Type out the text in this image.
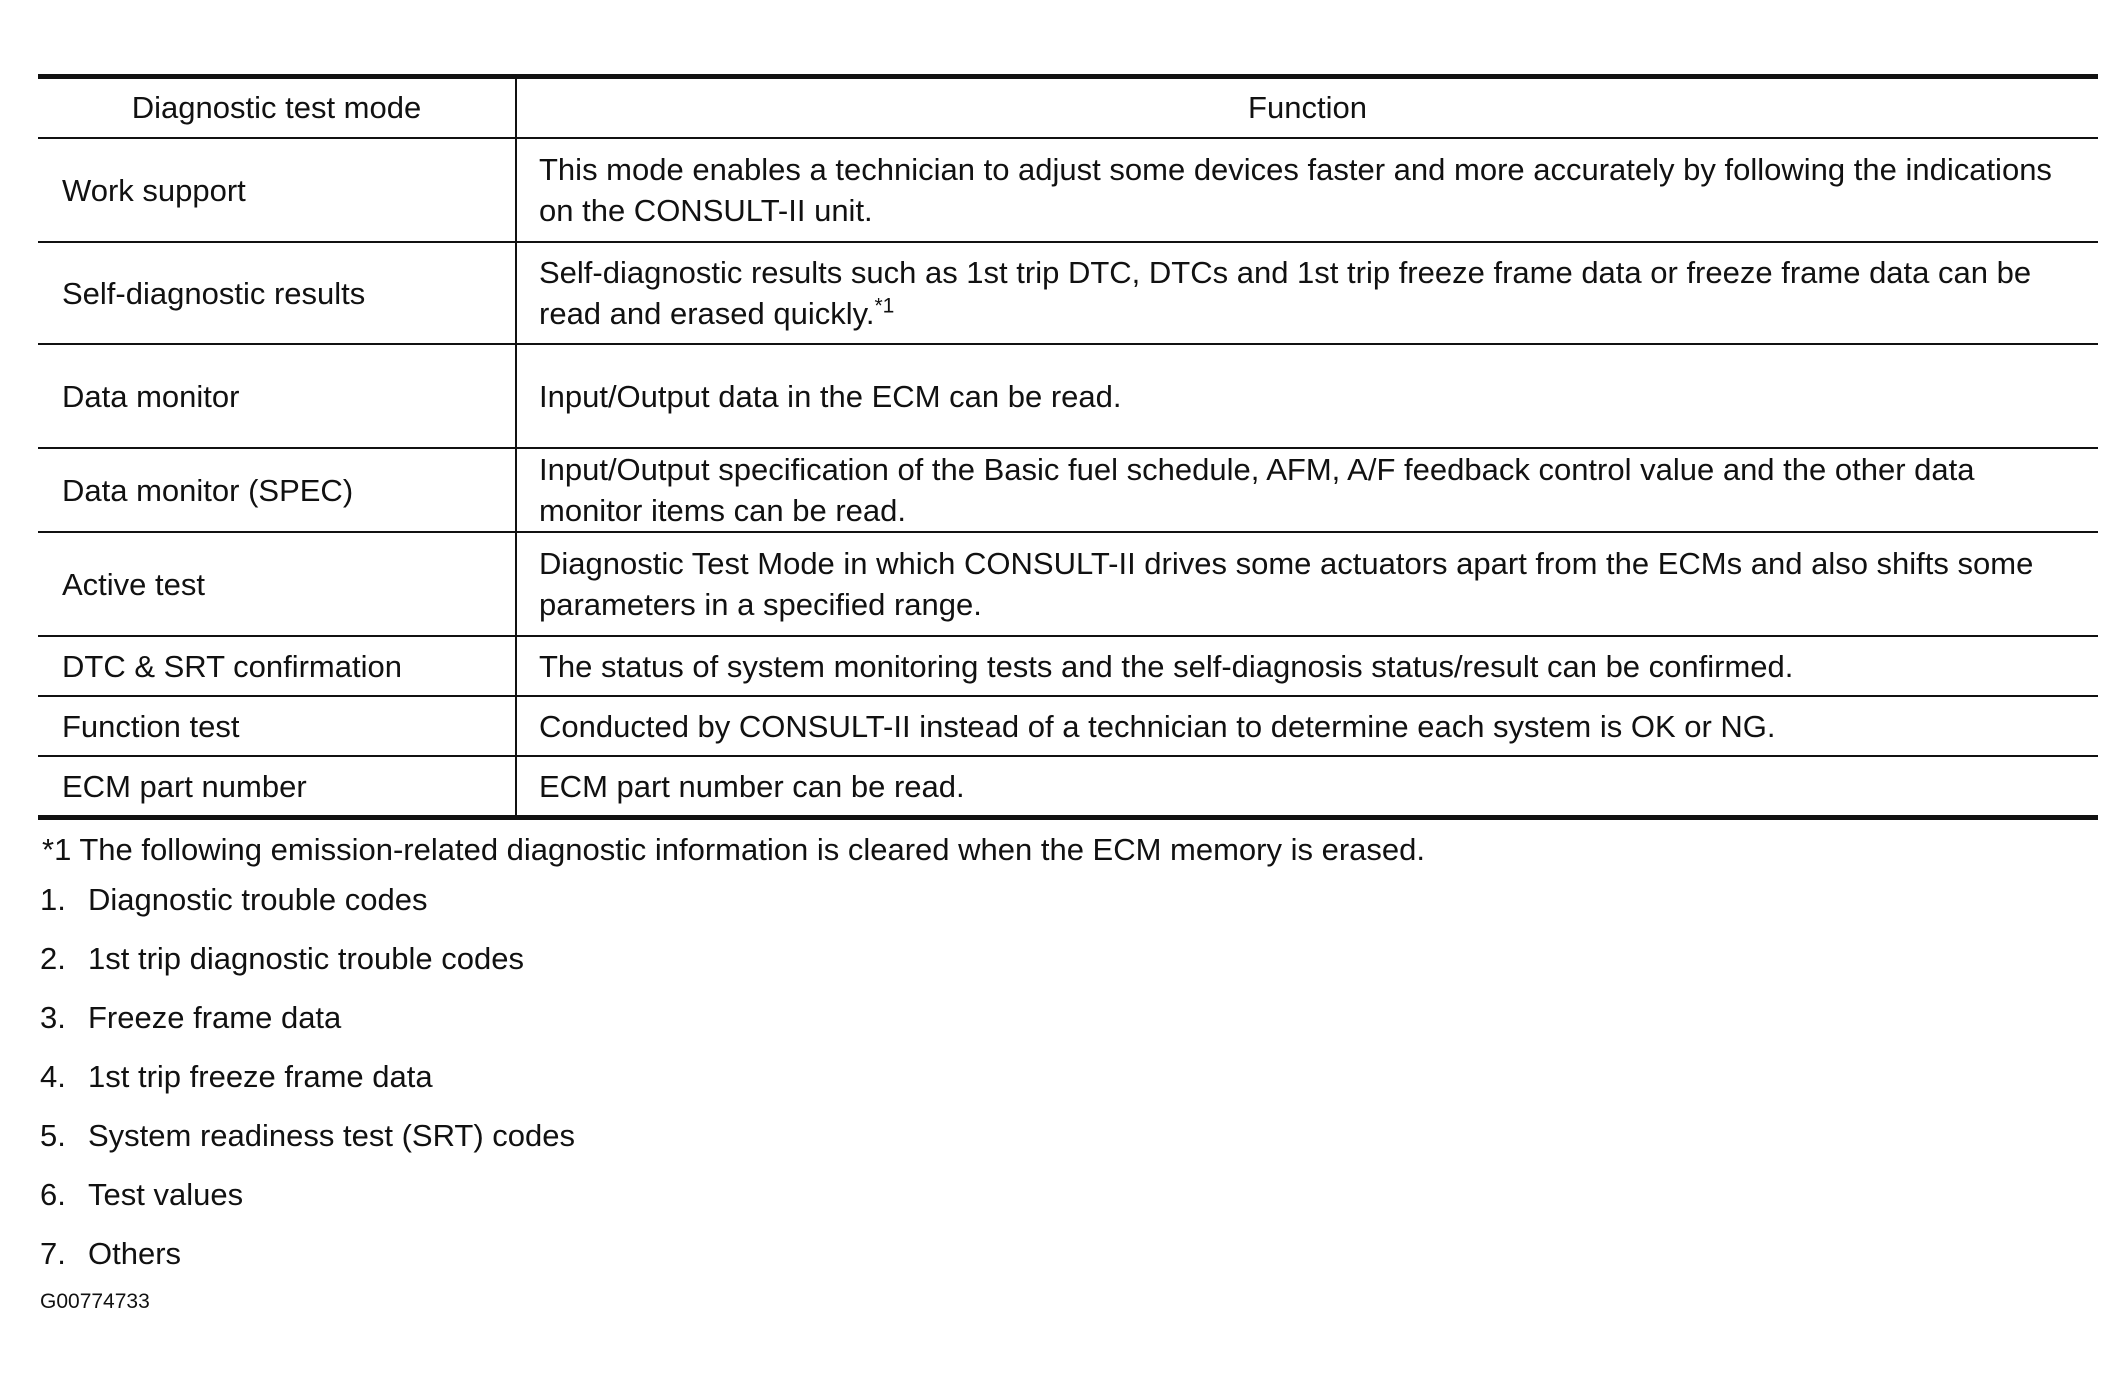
Diagnostic test mode	Function
Work support	This mode enables a technician to adjust some devices faster and more accurately by following the indications on the CONSULT-II unit.
Self-diagnostic results	Self-diagnostic results such as 1st trip DTC, DTCs and 1st trip freeze frame data or freeze frame data can be read and erased quickly.$^{*1}$
Data monitor	Input/Output data in the ECM can be read.
Data monitor (SPEC)	Input/Output specification of the Basic fuel schedule, AFM, A/F feedback control value and the other data monitor items can be read.
Active test	Diagnostic Test Mode in which CONSULT-II drives some actuators apart from the ECMs and also shifts some parameters in a specified range.
DTC & SRT confirmation	The status of system monitoring tests and the self-diagnosis status/result can be confirmed.
Function test	Conducted by CONSULT-II instead of a technician to determine each system is OK or NG.
ECM part number	ECM part number can be read.
*1 The following emission-related diagnostic information is cleared when the ECM memory is erased.
1. Diagnostic trouble codes
2. 1st trip diagnostic trouble codes
3. Freeze frame data
4. 1st trip freeze frame data
5. System readiness test (SRT) codes
6. Test values
7. Others
G00774733
